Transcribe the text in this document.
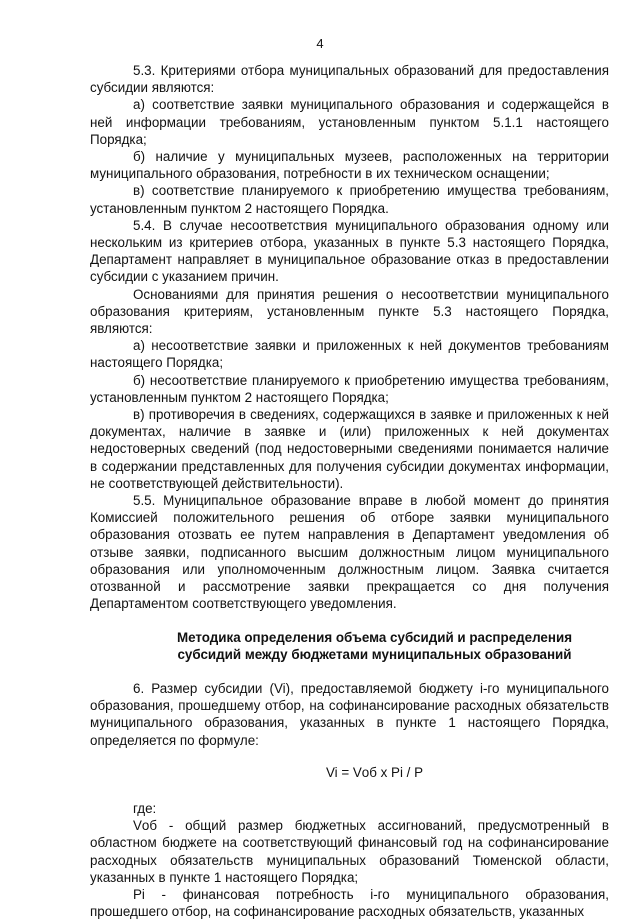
4

5.3. Критериями отбора муниципальных образований для предоставления субсидии являются:

а) соответствие заявки муниципального образования и содержащейся в ней информации требованиям, установленным пунктом 5.1.1 настоящего Порядка;

б) наличие у муниципальных музеев, расположенных на территории муниципального образования, потребности в их техническом оснащении;

в) соответствие планируемого к приобретению имущества требованиям, установленным пунктом 2 настоящего Порядка.

5.4. В случае несоответствия муниципального образования одному или нескольким из критериев отбора, указанных в пункте 5.3 настоящего Порядка, Департамент направляет в муниципальное образование отказ в предоставлении субсидии с указанием причин.

Основаниями для принятия решения о несоответствии муниципального образования критериям, установленным пункте 5.3 настоящего Порядка, являются:

а) несоответствие заявки и приложенных к ней документов требованиям настоящего Порядка;

б) несоответствие планируемого к приобретению имущества требованиям, установленным пунктом 2 настоящего Порядка;

в) противоречия в сведениях, содержащихся в заявке и приложенных к ней документах, наличие в заявке и (или) приложенных к ней документах недостоверных сведений (под недостоверными сведениями понимается наличие в содержании представленных для получения субсидии документах информации, не соответствующей действительности).

5.5. Муниципальное образование вправе в любой момент до принятия Комиссией положительного решения об отборе заявки муниципального образования отозвать ее путем направления в Департамент уведомления об отзыве заявки, подписанного высшим должностным лицом муниципального образования или уполномоченным должностным лицом. Заявка считается отозванной и рассмотрение заявки прекращается со дня получения Департаментом соответствующего уведомления.

Методика определения объема субсидий и распределения
субсидий между бюджетами муниципальных образований

6. Размер субсидии (Vi), предоставляемой бюджету i-го муниципального образования, прошедшему отбор, на софинансирование расходных обязательств муниципального образования, указанных в пункте 1 настоящего Порядка, определяется по формуле:

Vi = Vоб х Pi / P

где:

Vоб - общий размер бюджетных ассигнований, предусмотренный в областном бюджете на соответствующий финансовый год на софинансирование расходных обязательств муниципальных образований Тюменской области, указанных в пункте 1 настоящего Порядка;

Pi - финансовая потребность i-го муниципального образования, прошедшего отбор, на софинансирование расходных обязательств, указанных
